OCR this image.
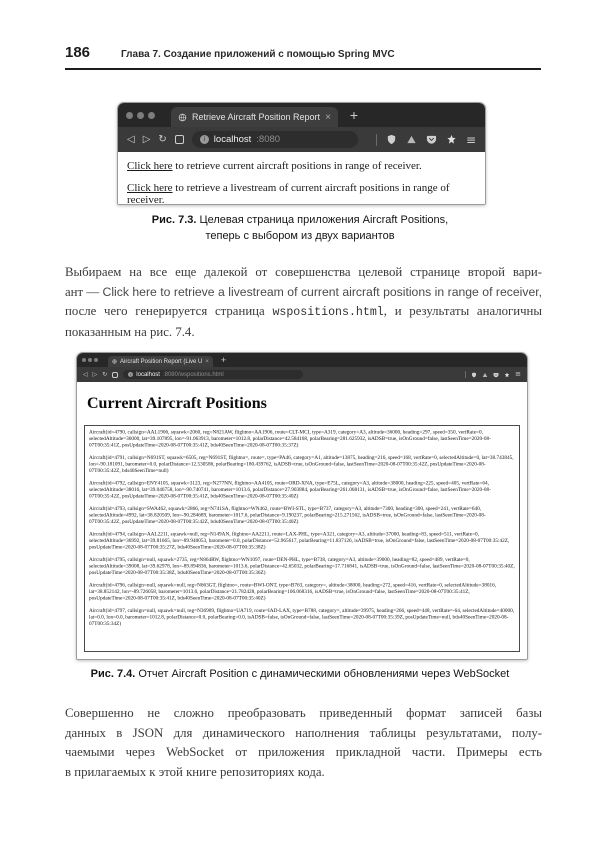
186	Глава 7. Создание приложений с помощью Spring MVC
Retrieve Aircraft Position Report × +
◁ ▷ ↻	i localhost :8080	≡

Click here to retrieve current aircraft positions in range of receiver.

Click here to retrieve a livestream of current aircraft positions in range of receiver.

Рис. 7.3. Целевая страница приложения Aircraft Positions,
теперь с выбором из двух вариантов
Выбираем на все еще далекой от совершенства целевой странице второй вари-
ант — Click here to retrieve a livestream of current aircraft positions in range of receiver,
после чего генерируется страница wspositions.html, и результаты аналогичны
показанным на рис. 7.4.
Aircraft Position Report (Live U × +
◁ ▷ ↻	i localhost :8080/wspositions.html	≡
Current Aircraft Positions
Aircraft(id=4790, callsign=AAL1906, squawk=2060, reg=N821AW, flightno=AA1906, route=CLT-MCI, type=A319, category=A3, altitude=36000, heading=297, speed=350, vertRate=0, selectedAltitude=36000, lat=39.107895, lon=-91.063913, barometer=1012.8, polarDistance=42.584168, polarBearing=281.625932, isADSB=true, isOnGround=false, lastSeenTime=2020-08-07T00:35:41Z, posUpdateTime=2020-08-07T00:35:41Z, bds40SeenTime=2020-08-07T00:35:37Z)
Aircraft(id=4791, callsign=N691ST, squawk=6505, reg=N691ST, flightno=, route=, type=PA46, category=A1, altitude=13875, heading=216, speed=168, vertRate=0, selectedAltitude=0, lat=38.743845, lon=-90.181091, barometer=0.0, polarDistance=12.530586, polarBearing=180.439762, isADSB=true, isOnGround=false, lastSeenTime=2020-08-07T00:35:42Z, posUpdateTime=2020-08-07T00:35:42Z, bds40SeenTime=null)
Aircraft(id=4792, callsign=ENY4105, squawk=3123, reg=N277NN, flightno=AA4105, route=ORD-XNA, type=E75L, category=A3, altitude=38000, heading=225, speed=405, vertRate=64, selectedAltitude=38016, lat=39.046758, lon=-90.740741, barometer=1013.6, polarDistance=27.903884, polarBearing=261.068131, isADSB=true, isOnGround=false, lastSeenTime=2020-08-07T00:35:42Z, posUpdateTime=2020-08-07T00:35:41Z, bds40SeenTime=2020-08-07T00:35:40Z)
Aircraft(id=4793, callsign=SWA462, squawk=2866, reg=N741SA, flightno=WN462, route=BWI-STL, type=B737, category=A3, altitude=7300, heading=300, speed=241, vertRate=640, selectedAltitude=4992, lat=38.820509, lon=-90.284689, barometer=1017.6, polarDistance=9.190237, polarBearing=215.271562, isADSB=true, isOnGround=false, lastSeenTime=2020-08-07T00:35:42Z, posUpdateTime=2020-08-07T00:35:42Z, bds40SeenTime=2020-08-07T00:35:40Z)
Aircraft(id=4794, callsign=AAL2211, squawk=null, reg=N149AN, flightno=AA2211, route=LAX-PHL, type=A321, category=A3, altitude=37000, heading=83, speed=511, vertRate=0, selectedAltitude=36992, lat=39.81665, lon=-89.940053, barometer=0.0, polarDistance=52.965617, polarBearing=11.837126, isADSB=true, isOnGround=false, lastSeenTime=2020-08-07T00:35:42Z, posUpdateTime=2020-08-07T00:35:27Z, bds40SeenTime=2020-08-07T00:35:38Z)
Aircraft(id=4795, callsign=null, squawk=2735, reg=N864RW, flightno=WN1097, route=DEN-PHL, type=B738, category=A3, altitude=39000, heading=82, speed=489, vertRate=0, selectedAltitude=39008, lat=39.62978, lon=-89.894836, barometer=1013.6, polarDistance=42.65032, polarBearing=17.716841, isADSB=true, isOnGround=false, lastSeenTime=2020-08-07T00:35:40Z, posUpdateTime=2020-08-07T00:35:38Z, bds40SeenTime=2020-08-07T00:35:36Z)
Aircraft(id=4796, callsign=null, squawk=null, reg=N663GT, flightno=, route=BWI-ONT, type=B763, category=, altitude=38000, heading=272, speed=416, vertRate=0, selectedAltitude=38016, lat=38.852142, lon=-89.726058, barometer=1013.6, polarDistance=21.782428, polarBearing=106.068316, isADSB=true, isOnGround=false, lastSeenTime=2020-08-07T00:35:41Z, posUpdateTime=2020-08-07T00:35:41Z, bds40SeenTime=2020-08-07T00:35:40Z)
Aircraft(id=4797, callsign=null, squawk=null, reg=N36909, flightno=UA719, route=IAD-LAX, type=B788, category=, altitude=39975, heading=266, speed=448, vertRate=-64, selectedAltitude=40000, lat=0.0, lon=0.0, barometer=1012.8, polarDistance=0.0, polarBearing=0.0, isADSB=false, isOnGround=false, lastSeenTime=2020-08-07T00:35:39Z, posUpdateTime=null, bds40SeenTime=2020-08-07T00:35:34Z)
Рис. 7.4. Отчет Aircraft Position с динамическими обновлениями через WebSocket
Совершенно не сложно преобразовать приведенный формат записей базы
данных в JSON для динамического наполнения таблицы результатами, полу-
чаемыми через WebSocket от приложения прикладной части. Примеры есть
в прилагаемых к этой книге репозиториях кода.
